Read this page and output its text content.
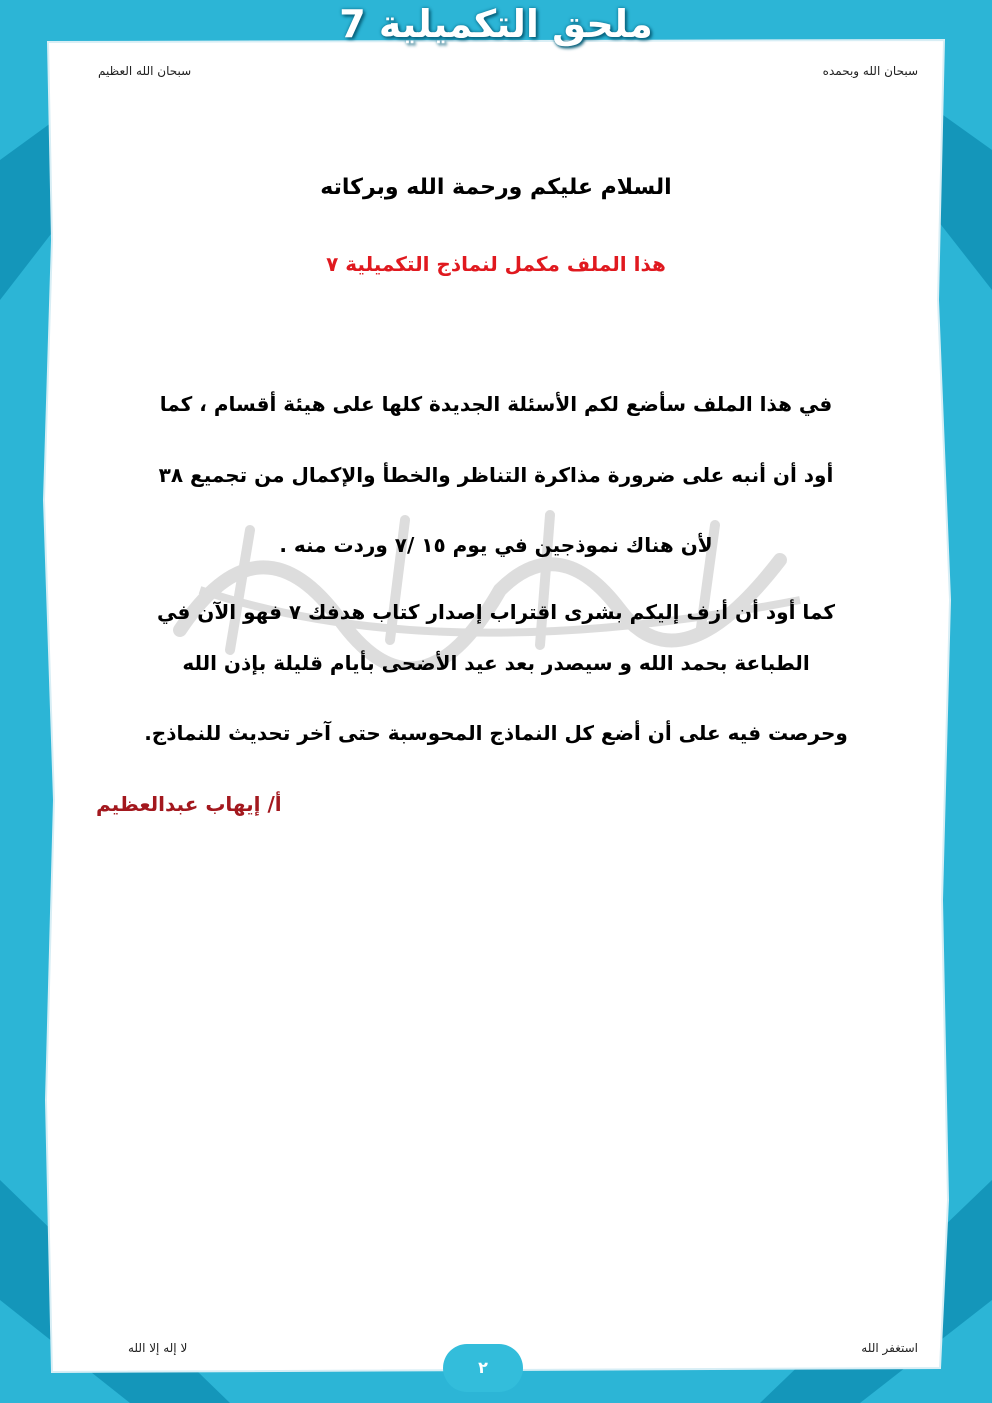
ملحق التكميلية 7
سبحان الله وبحمده
سبحان الله العظيم
السلام عليكم ورحمة الله وبركاته
هذا الملف مكمل لنماذج التكميلية ٧
في هذا الملف سأضع لكم الأسئلة الجديدة كلها على هيئة أقسام ، كما
أود أن أنبه على ضرورة مذاكرة التناظر والخطأ والإكمال من تجميع ٣٨
لأن هناك نموذجين في يوم ١٥ /٧ وردت منه .
كما أود أن أزف إليكم بشرى اقتراب إصدار كتاب هدفك ٧ فهو الآن في
الطباعة بحمد الله و سيصدر بعد عيد الأضحى بأيام قليلة بإذن الله
وحرصت فيه على أن أضع كل النماذج المحوسبة حتى آخر تحديث للنماذج.
أ/ إيهاب عبدالعظيم
استغفر الله
لا إله إلا الله
٢
